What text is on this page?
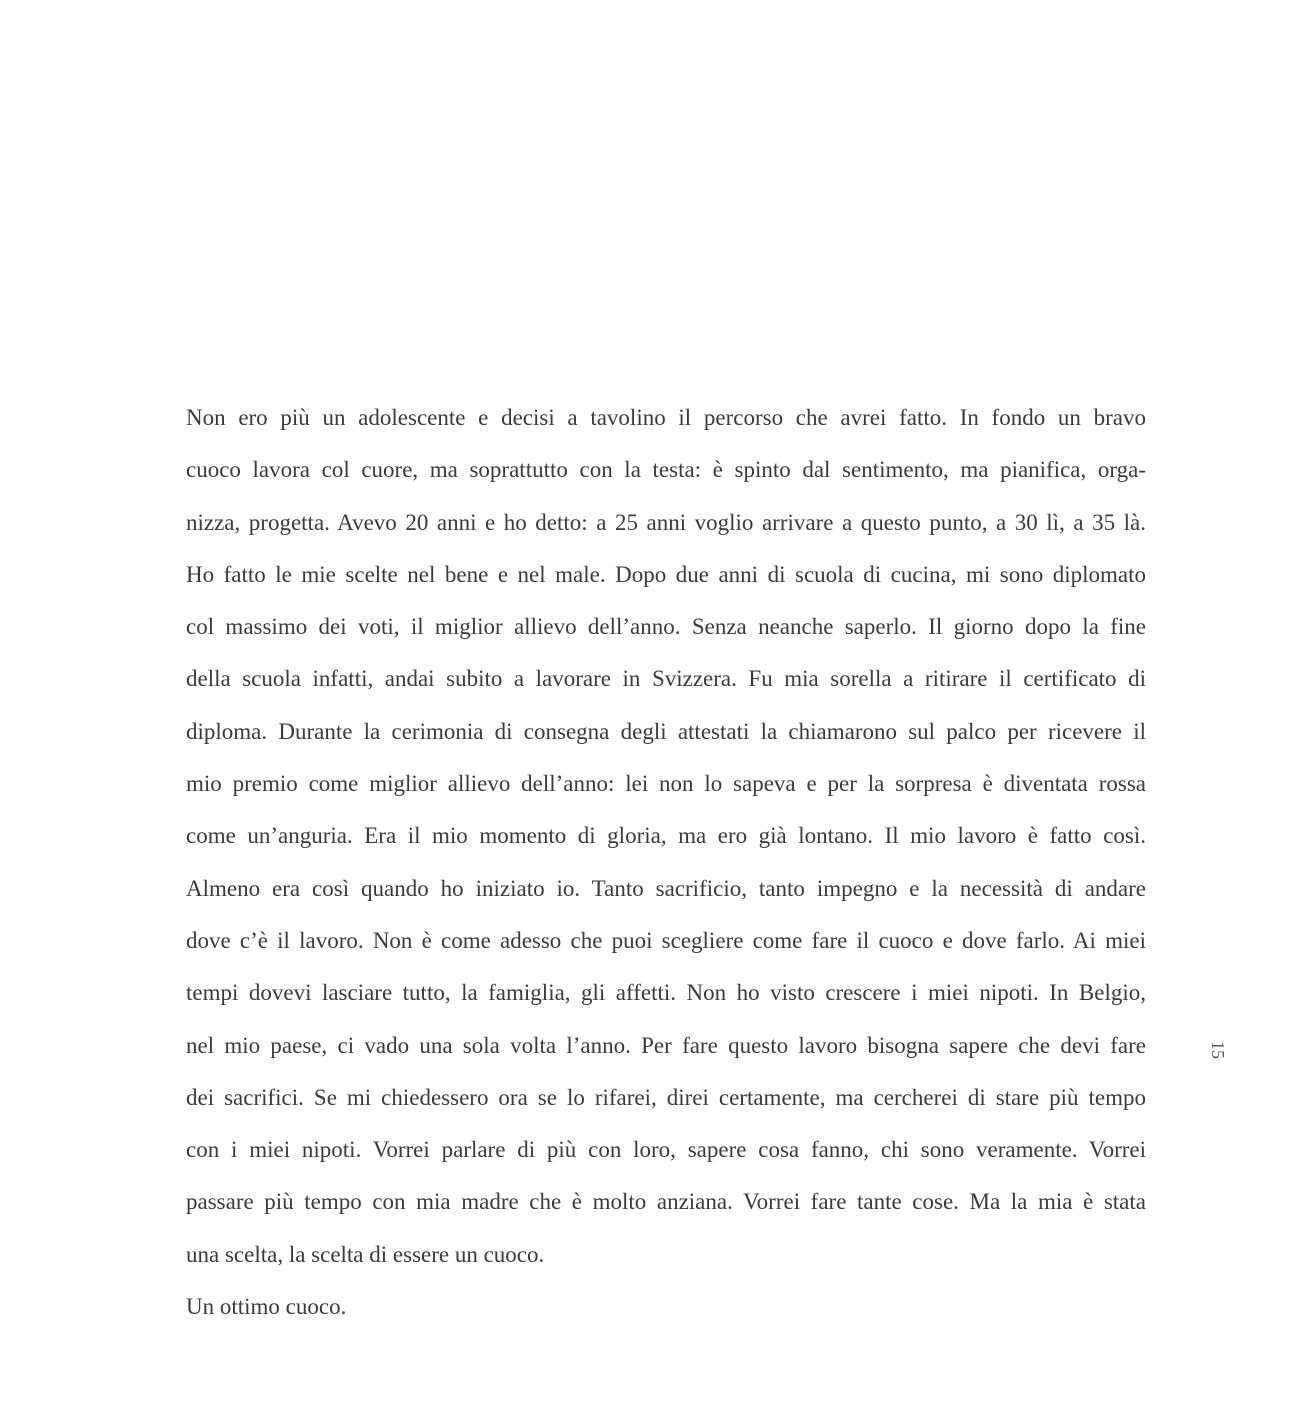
Non ero più un adolescente e decisi a tavolino il percorso che avrei fatto. In fondo un bravo
cuoco lavora col cuore, ma soprattutto con la testa: è spinto dal sentimento, ma pianifica, orga-
nizza, progetta. Avevo 20 anni e ho detto: a 25 anni voglio arrivare a questo punto, a 30 lì, a 35 là.
Ho fatto le mie scelte nel bene e nel male. Dopo due anni di scuola di cucina, mi sono diplomato
col massimo dei voti, il miglior allievo dell’anno. Senza neanche saperlo. Il giorno dopo la fine
della scuola infatti, andai subito a lavorare in Svizzera. Fu mia sorella a ritirare il certificato di
diploma. Durante la cerimonia di consegna degli attestati la chiamarono sul palco per ricevere il
mio premio come miglior allievo dell’anno: lei non lo sapeva e per la sorpresa è diventata rossa
come un’anguria. Era il mio momento di gloria, ma ero già lontano. Il mio lavoro è fatto così.
Almeno era così quando ho iniziato io. Tanto sacrificio, tanto impegno e la necessità di andare
dove c’è il lavoro. Non è come adesso che puoi scegliere come fare il cuoco e dove farlo. Ai miei
tempi dovevi lasciare tutto, la famiglia, gli affetti. Non ho visto crescere i miei nipoti. In Belgio,
nel mio paese, ci vado una sola volta l’anno. Per fare questo lavoro bisogna sapere che devi fare
dei sacrifici. Se mi chiedessero ora se lo rifarei, direi certamente, ma cercherei di stare più tempo
con i miei nipoti. Vorrei parlare di più con loro, sapere cosa fanno, chi sono veramente. Vorrei
passare più tempo con mia madre che è molto anziana. Vorrei fare tante cose. Ma la mia è stata
una scelta, la scelta di essere un cuoco.
Un ottimo cuoco.
15
